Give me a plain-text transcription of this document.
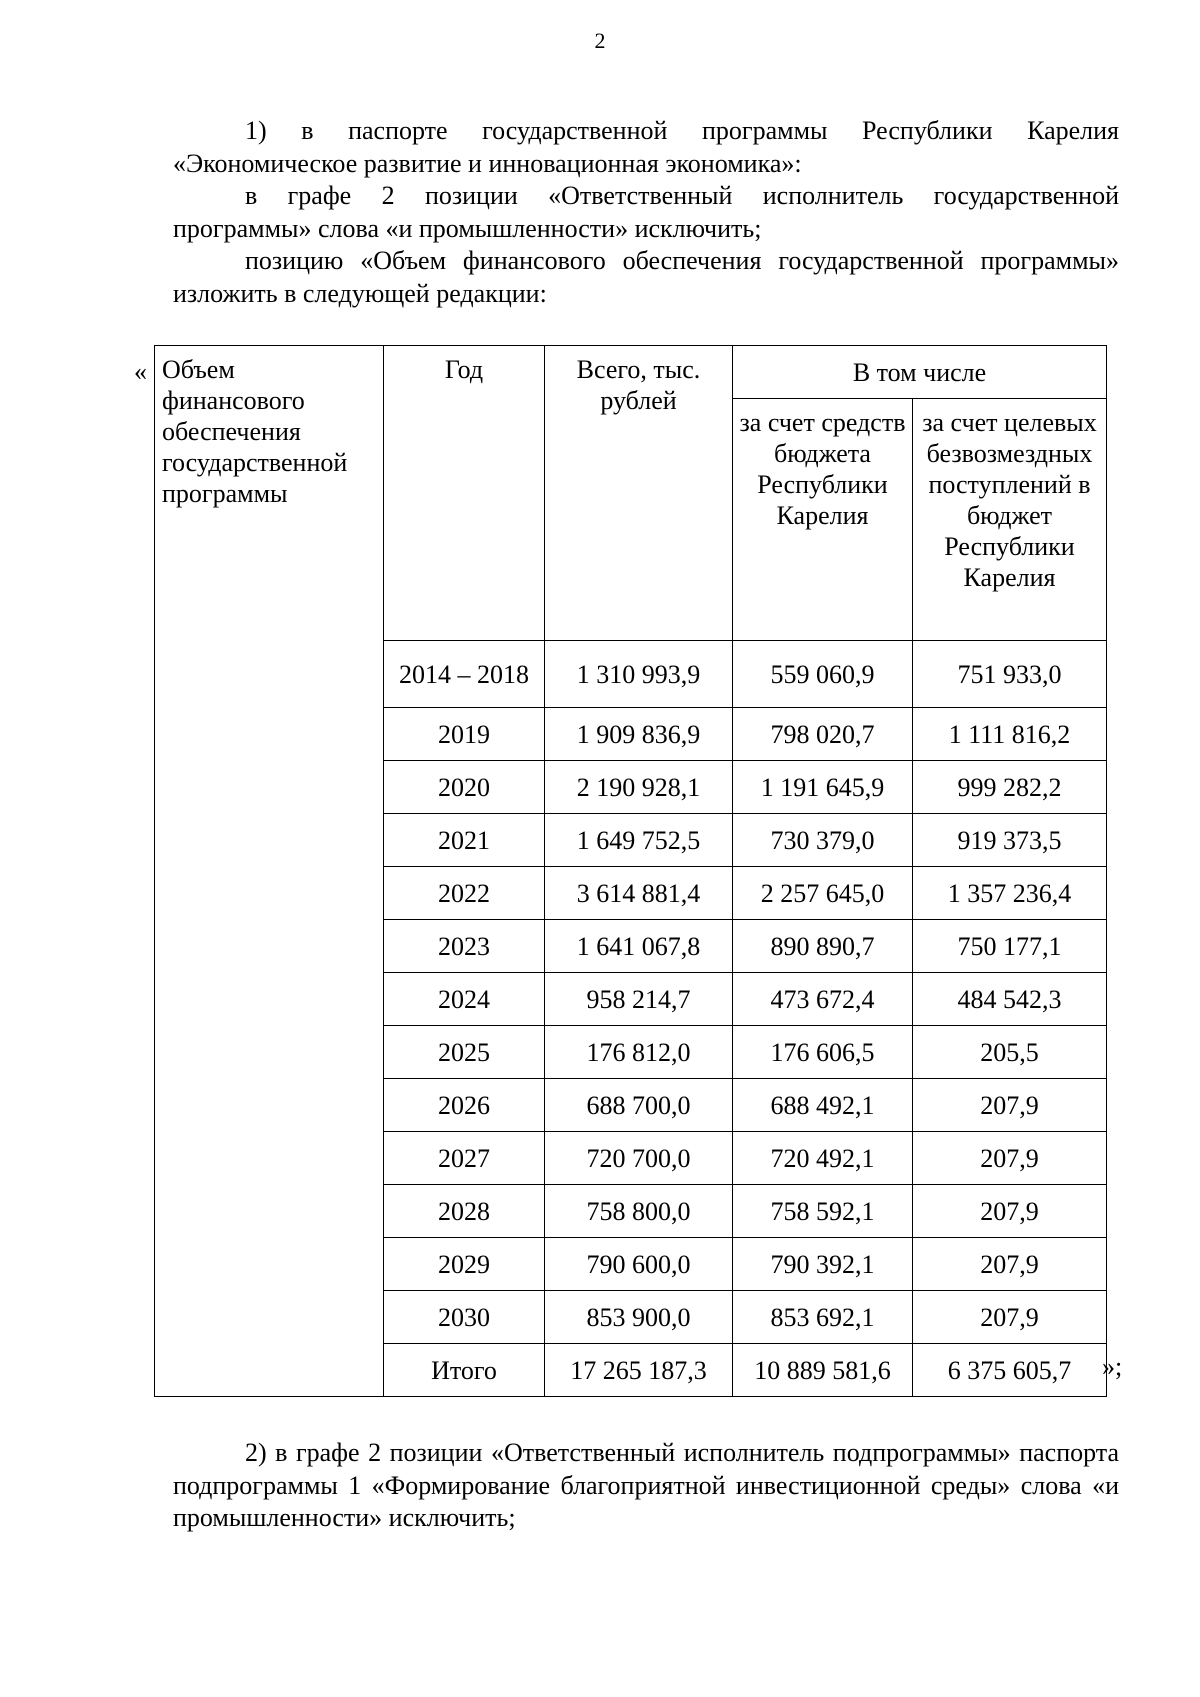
2

1) в паспорте государственной программы Республики Карелия «Экономическое развитие и инновационная экономика»:

в графе 2 позиции «Ответственный исполнитель государственной программы» слова «и промышленности» исключить;

позицию «Объем финансового обеспечения государственной программы» изложить в следующей редакции:

« Объем финансового обеспечения государственной программы	Год	Всего, тыс. рублей	В том числе	
			за счет средств бюджета Республики Карелия	за счет целевых безвозмездных поступлений в бюджет Республики Карелия
	2014 – 2018	1 310 993,9	559 060,9	751 933,0
	2019	1 909 836,9	798 020,7	1 111 816,2
	2020	2 190 928,1	1 191 645,9	999 282,2
	2021	1 649 752,5	730 379,0	919 373,5
	2022	3 614 881,4	2 257 645,0	1 357 236,4
	2023	1 641 067,8	890 890,7	750 177,1
	2024	958 214,7	473 672,4	484 542,3
	2025	176 812,0	176 606,5	205,5
	2026	688 700,0	688 492,1	207,9
	2027	720 700,0	720 492,1	207,9
	2028	758 800,0	758 592,1	207,9
	2029	790 600,0	790 392,1	207,9
	2030	853 900,0	853 692,1	207,9
	Итого	17 265 187,3	10 889 581,6	6 375 605,7 »;

2) в графе 2 позиции «Ответственный исполнитель подпрограммы» паспорта подпрограммы 1 «Формирование благоприятной инвестиционной среды» слова «и промышленности» исключить;
